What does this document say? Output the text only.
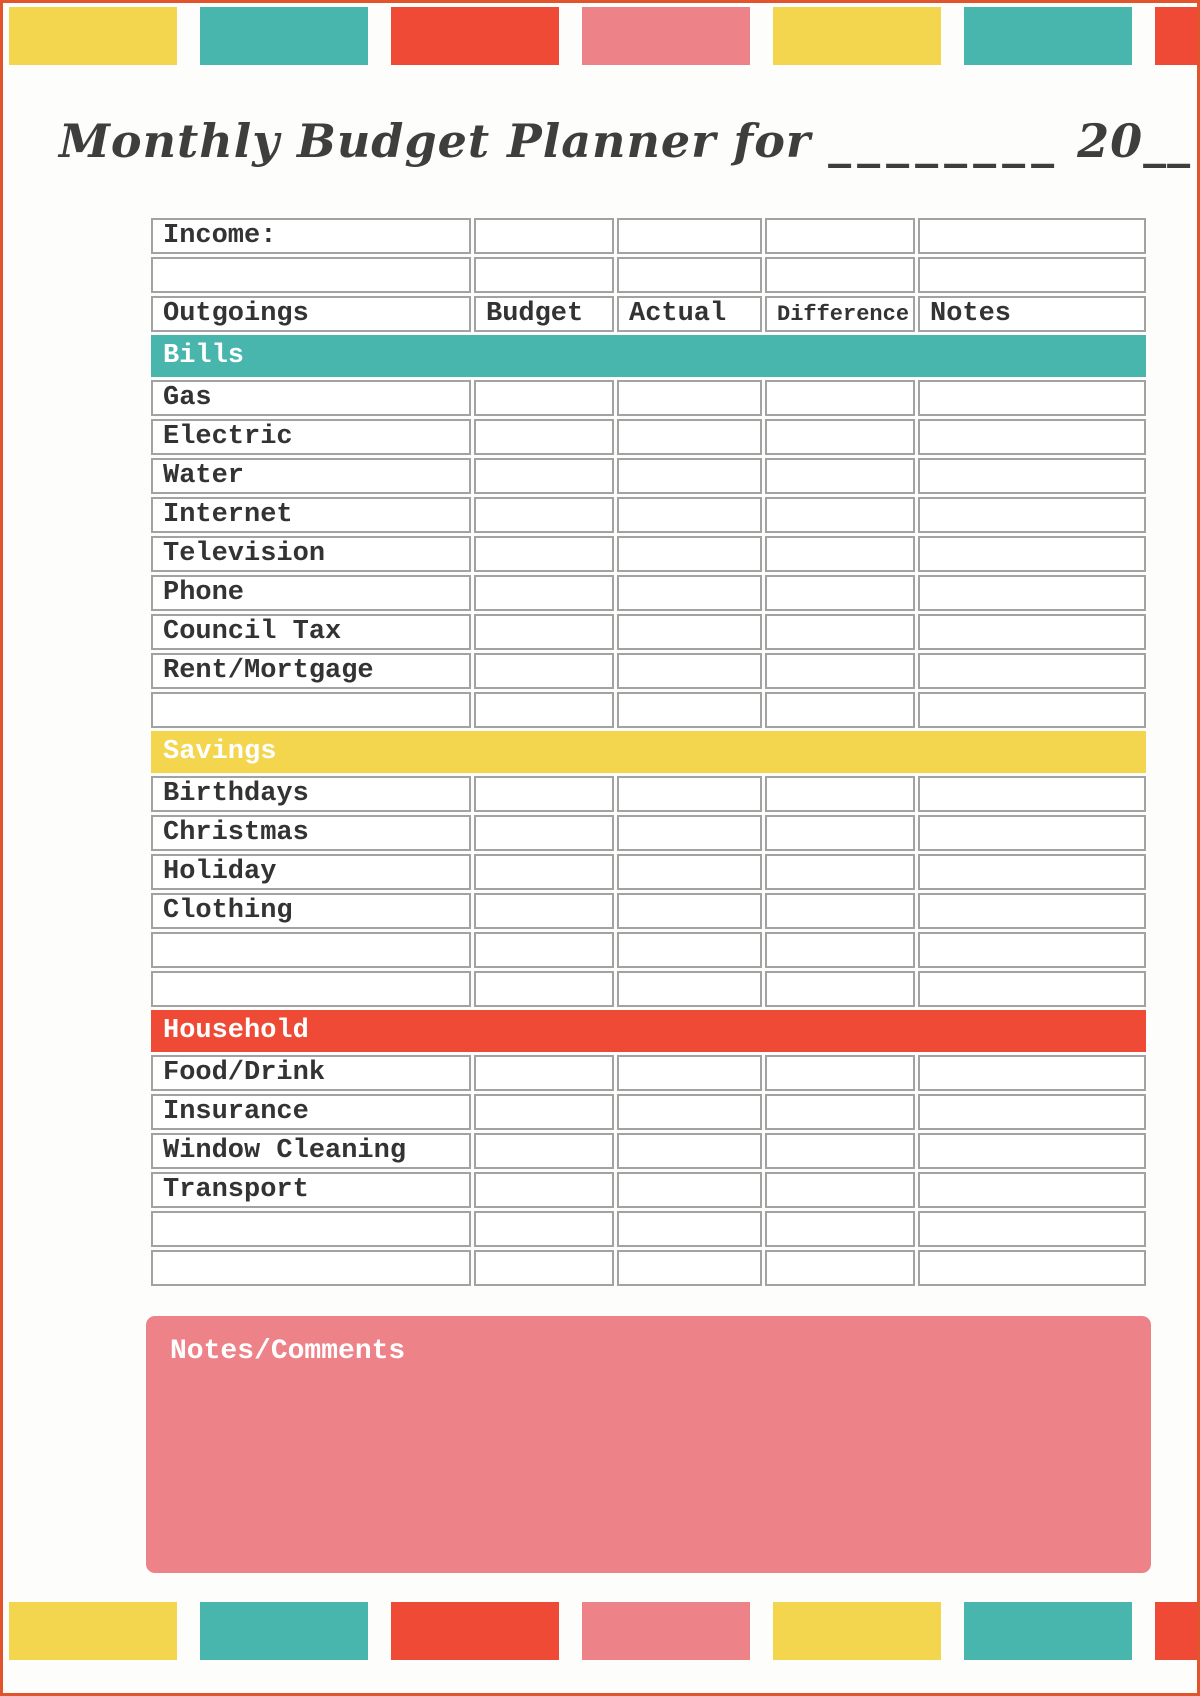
Monthly Budget Planner for ________ 20__
Income:				

Outgoings	Budget	Actual	Difference	Notes
Bills				
Gas				
Electric				
Water				
Internet				
Television				
Phone				
Council Tax				
Rent/Mortgage				

Savings				
Birthdays				
Christmas				
Holiday				
Clothing				

Household				
Food/Drink				
Insurance				
Window Cleaning				
Transport				

Notes/Comments
